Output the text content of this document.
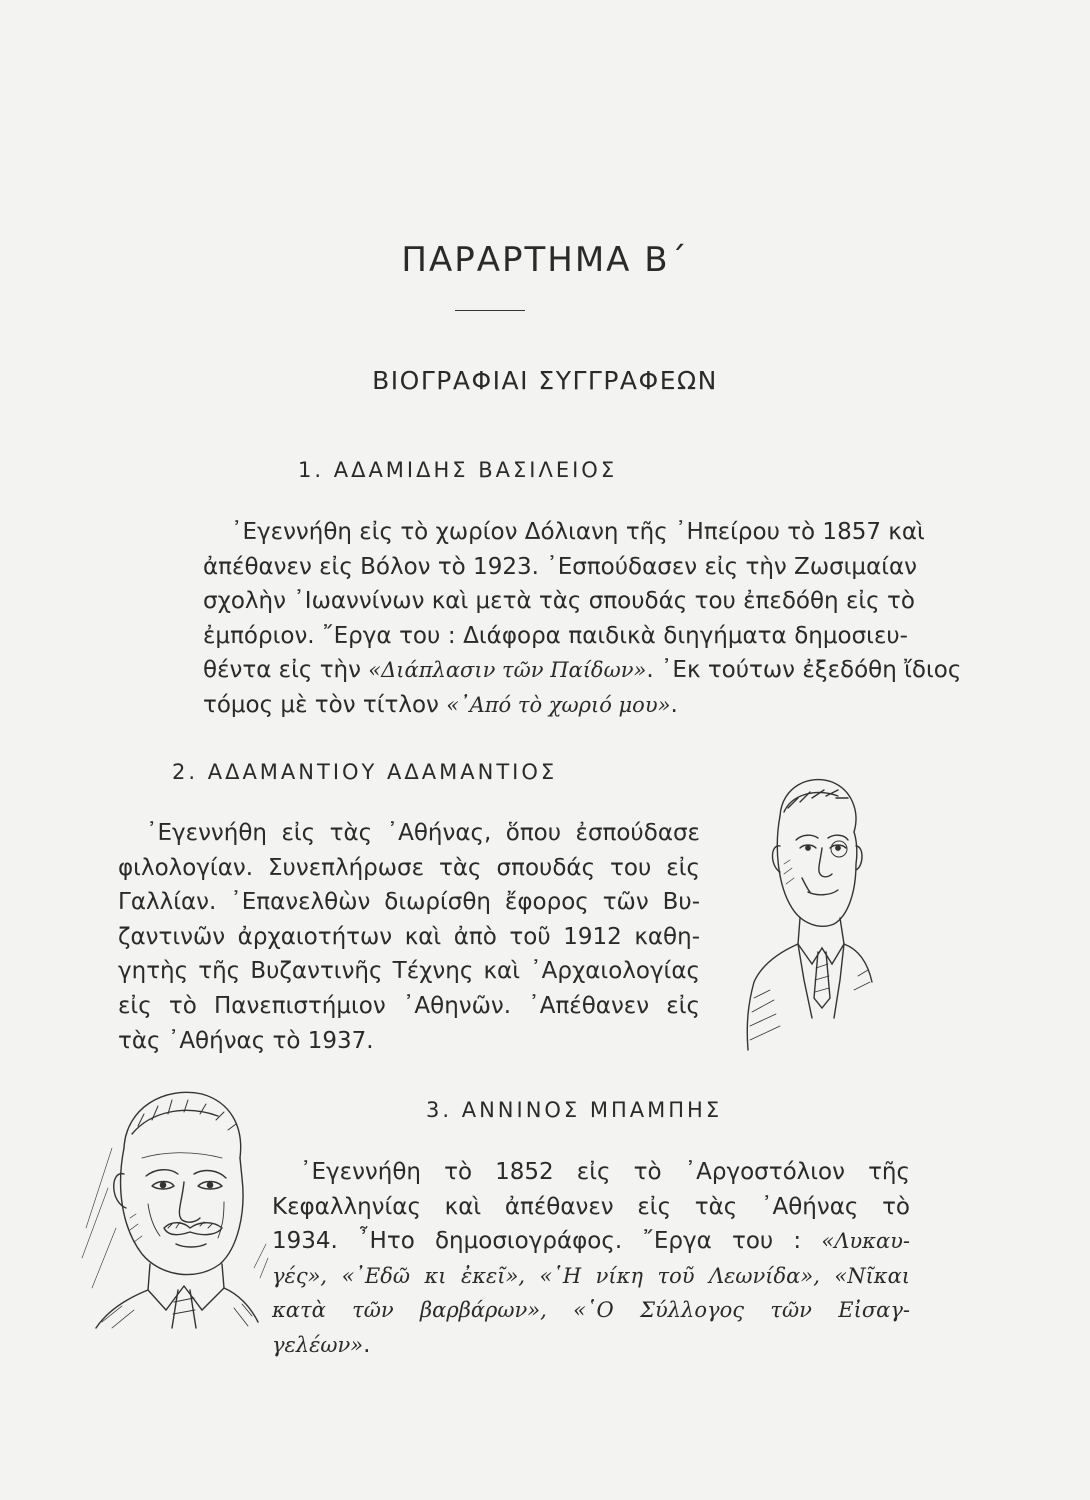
ΠΑΡΑΡΤΗΜΑ Β΄
ΒΙΟΓΡΑΦΙΑΙ ΣΥΓΓΡΑΦΕΩΝ
1. ΑΔΑΜΙΔΗΣ ΒΑΣΙΛΕΙΟΣ
᾽Εγεννήθη εἰς τὸ χωρίον Δόλιανη τῆς ᾽Ηπείρου τὸ 1857 καὶ
ἀπέθανεν εἰς Βόλον τὸ 1923. ᾽Εσπούδασεν εἰς τὴν Ζωσιμαίαν
σχολὴν ᾽Ιωαννίνων καὶ μετὰ τὰς σπουδάς του ἐπεδόθη εἰς τὸ
ἐμπόριον. ῎Εργα του : Διάφορα παιδικὰ διηγήματα δημοσιευ-
θέντα εἰς τὴν «Διάπλασιν τῶν Παίδων». ᾽Εκ τούτων ἐξεδόθη ἴδιος
τόμος μὲ τὸν τίτλον «᾽Από τὸ χωριό μου».
2. ΑΔΑΜΑΝΤΙΟΥ ΑΔΑΜΑΝΤΙΟΣ
᾽Εγεννήθη εἰς τὰς ᾽Αθήνας, ὅπου ἐσπούδασε
φιλολογίαν. Συνεπλήρωσε τὰς σπουδάς του εἰς
Γαλλίαν. ᾽Επανελθὼν διωρίσθη ἔφορος τῶν Βυ-
ζαντινῶν ἀρχαιοτήτων καὶ ἀπὸ τοῦ 1912 καθη-
γητὴς τῆς Βυζαντινῆς Τέχνης καὶ ᾽Αρχαιολογίας
εἰς τὸ Πανεπιστήμιον ᾽Αθηνῶν. ᾽Απέθανεν εἰς
τὰς ᾽Αθήνας τὸ 1937.
3. ΑΝΝΙΝΟΣ ΜΠΑΜΠΗΣ
᾽Εγεννήθη τὸ 1852 εἰς τὸ ᾽Αργοστόλιον τῆς
Κεφαλληνίας καὶ ἀπέθανεν εἰς τὰς ᾽Αθήνας τὸ
1934. ῏Ητο δημοσιογράφος. ῎Εργα του : «Λυκαυ-
γές», «᾽Εδῶ κι ἐκεῖ», «῾Η νίκη τοῦ Λεωνίδα», «Νῖκαι
κατὰ τῶν βαρβάρων», «῾Ο Σύλλογος τῶν Εἰσαγ-
γελέων».
